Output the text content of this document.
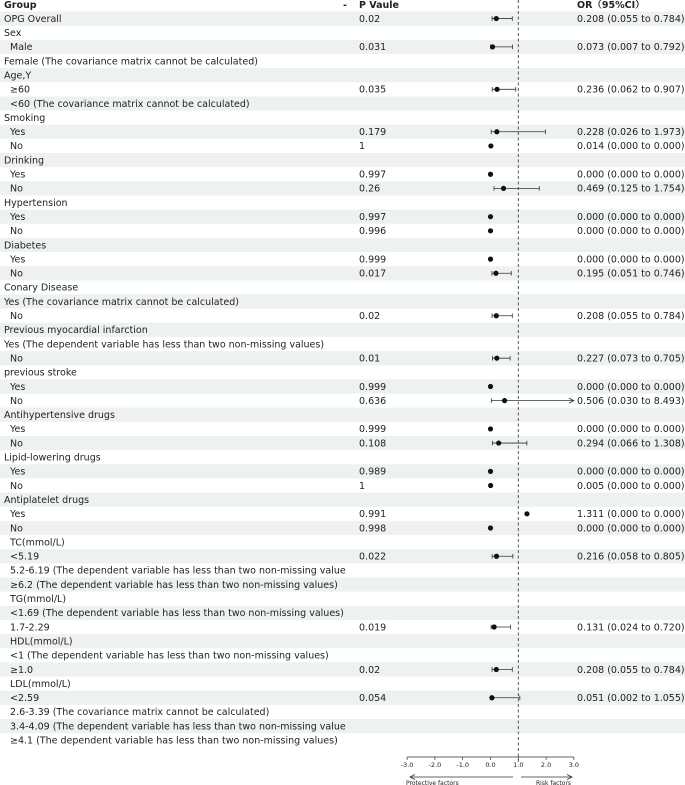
Group	- P Vaule	OR（95%CI）
OPG Overall	0.02	0.208 (0.055 to 0.784)
Sex
Male	0.031	0.073 (0.007 to 0.792)
Female (The covariance matrix cannot be calculated)
Age,Y
≥60	0.035	0.236 (0.062 to 0.907)
<60 (The covariance matrix cannot be calculated)
Smoking
Yes	0.179	0.228 (0.026 to 1.973)
No	1	0.014 (0.000 to 0.000)
Drinking
Yes	0.997	0.000 (0.000 to 0.000)
No	0.26	0.469 (0.125 to 1.754)
Hypertension
Yes	0.997	0.000 (0.000 to 0.000)
No	0.996	0.000 (0.000 to 0.000)
Diabetes
Yes	0.999	0.000 (0.000 to 0.000)
No	0.017	0.195 (0.051 to 0.746)
Conary Disease
Yes (The covariance matrix cannot be calculated)
No	0.02	0.208 (0.055 to 0.784)
Previous myocardial infarction
Yes (The dependent variable has less than two non-missing values)
No	0.01	0.227 (0.073 to 0.705)
previous stroke
Yes	0.999	0.000 (0.000 to 0.000)
No	0.636	0.506 (0.030 to 8.493)
Antihypertensive drugs
Yes	0.999	0.000 (0.000 to 0.000)
No	0.108	0.294 (0.066 to 1.308)
Lipid-lowering drugs
Yes	0.989	0.000 (0.000 to 0.000)
No	1	0.005 (0.000 to 0.000)
Antiplatelet drugs
Yes	0.991	1.311 (0.000 to 0.000)
No	0.998	0.000 (0.000 to 0.000)
TC(mmol/L)
<5.19	0.022	0.216 (0.058 to 0.805)
5.2-6.19 (The dependent variable has less than two non-missing value
≥6.2 (The dependent variable has less than two non-missing values)
TG(mmol/L)
<1.69 (The dependent variable has less than two non-missing values)
1.7-2.29	0.019	0.131 (0.024 to 0.720)
HDL(mmol/L)
<1 (The dependent variable has less than two non-missing values)
≥1.0	0.02	0.208 (0.055 to 0.784)
LDL(mmol/L)
<2.59	0.054	0.051 (0.002 to 1.055)
2.6-3.39 (The covariance matrix cannot be calculated)
3.4-4.09 (The dependent variable has less than two non-missing value
≥4.1 (The dependent variable has less than two non-missing values)
-3.0 -2.0 -1.0	0.0	1.0	2.0	3.0
Protective factors	Risk factors
